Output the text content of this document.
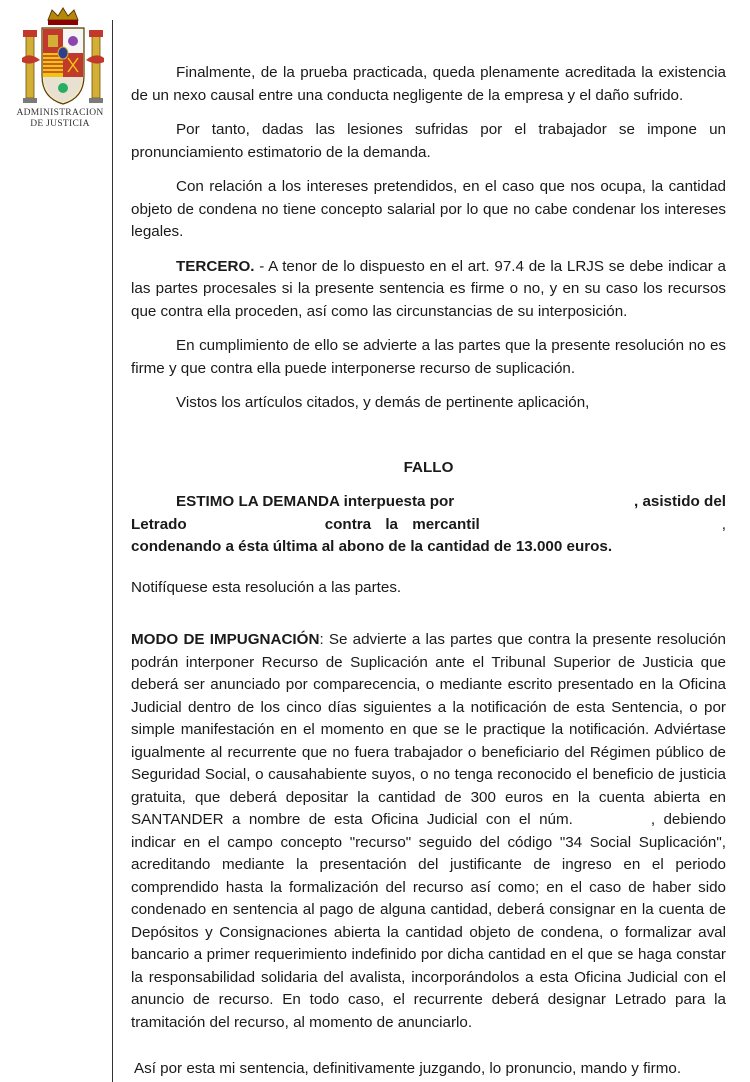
ADMINISTRACION
DE JUSTICIA

Finalmente, de la prueba practicada, queda plenamente acreditada la existencia de un nexo causal entre una conducta negligente de la empresa y el daño sufrido.

Por tanto, dadas las lesiones sufridas por el trabajador se impone un pronunciamiento estimatorio de la demanda.

Con relación a los intereses pretendidos, en el caso que nos ocupa, la cantidad objeto de condena no tiene concepto salarial por lo que no cabe condenar los intereses legales.

TERCERO. - A tenor de lo dispuesto en el art. 97.4 de la LRJS se debe indicar a las partes procesales si la presente sentencia es firme o no, y en su caso los recursos que contra ella proceden, así como las circunstancias de su interposición.

En cumplimiento de ello se advierte a las partes que la presente resolución no es firme y que contra ella puede interponerse recurso de suplicación.

Vistos los artículos citados, y demás de pertinente aplicación,

FALLO

ESTIMO LA DEMANDA interpuesta por	, asistido del
Letrado	contra la mercantil	,
condenando a ésta última al abono de la cantidad de 13.000 euros.

Notifíquese esta resolución a las partes.

MODO DE IMPUGNACIÓN: Se advierte a las partes que contra la presente resolución podrán interponer Recurso de Suplicación ante el Tribunal Superior de Justicia que deberá ser anunciado por comparecencia, o mediante escrito presentado en la Oficina Judicial dentro de los cinco días siguientes a la notificación de esta Sentencia, o por simple manifestación en el momento en que se le practique la notificación. Adviértase igualmente al recurrente que no fuera trabajador o beneficiario del Régimen público de Seguridad Social, o causahabiente suyos, o no tenga reconocido el beneficio de justicia gratuita, que deberá depositar la cantidad de 300 euros en la cuenta abierta en SANTANDER a nombre de esta Oficina Judicial con el núm.	, debiendo indicar en el campo concepto "recurso" seguido del código "34 Social Suplicación", acreditando mediante la presentación del justificante de ingreso en el periodo comprendido hasta la formalización del recurso así como; en el caso de haber sido condenado en sentencia al pago de alguna cantidad, deberá consignar en la cuenta de Depósitos y Consignaciones abierta la cantidad objeto de condena, o formalizar aval bancario a primer requerimiento indefinido por dicha cantidad en el que se haga constar la responsabilidad solidaria del avalista, incorporándolos a esta Oficina Judicial con el anuncio de recurso. En todo caso, el recurrente deberá designar Letrado para la tramitación del recurso, al momento de anunciarlo.

Así por esta mi sentencia, definitivamente juzgando, lo pronuncio, mando y firmo.
